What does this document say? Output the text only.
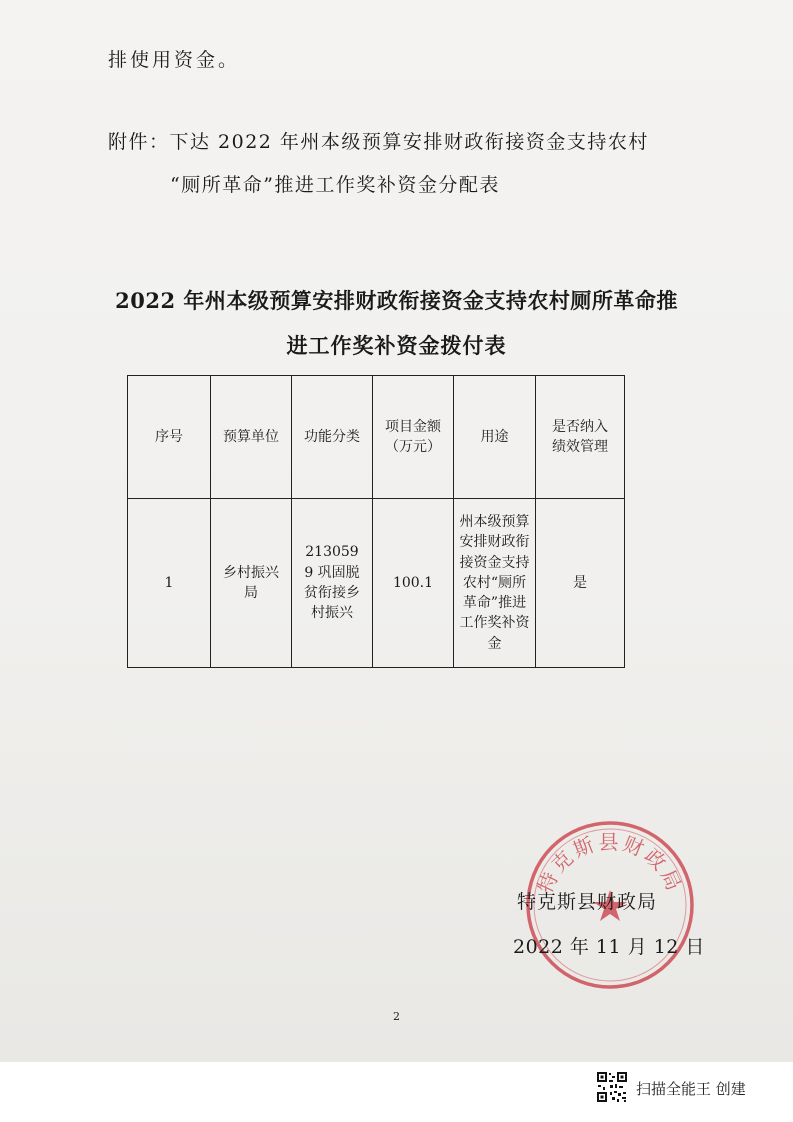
排使用资金。
附件：下达 2022 年州本级预算安排财政衔接资金支持农村
“厕所革命”推进工作奖补资金分配表
2022 年州本级预算安排财政衔接资金支持农村厕所革命推
进工作奖补资金拨付表
序号	预算单位	功能分类	项目金额（万元）	用途	是否纳入绩效管理

1	乡村振兴局	2130599 巩固脱贫衔接乡村振兴	100.1	州本级预算安排财政衔接资金支持农村“厕所革命”推进工作奖补资金	是
特克斯县财政局
特克斯县财政局
2022 年 11 月 12 日
2
扫描全能王 创建
